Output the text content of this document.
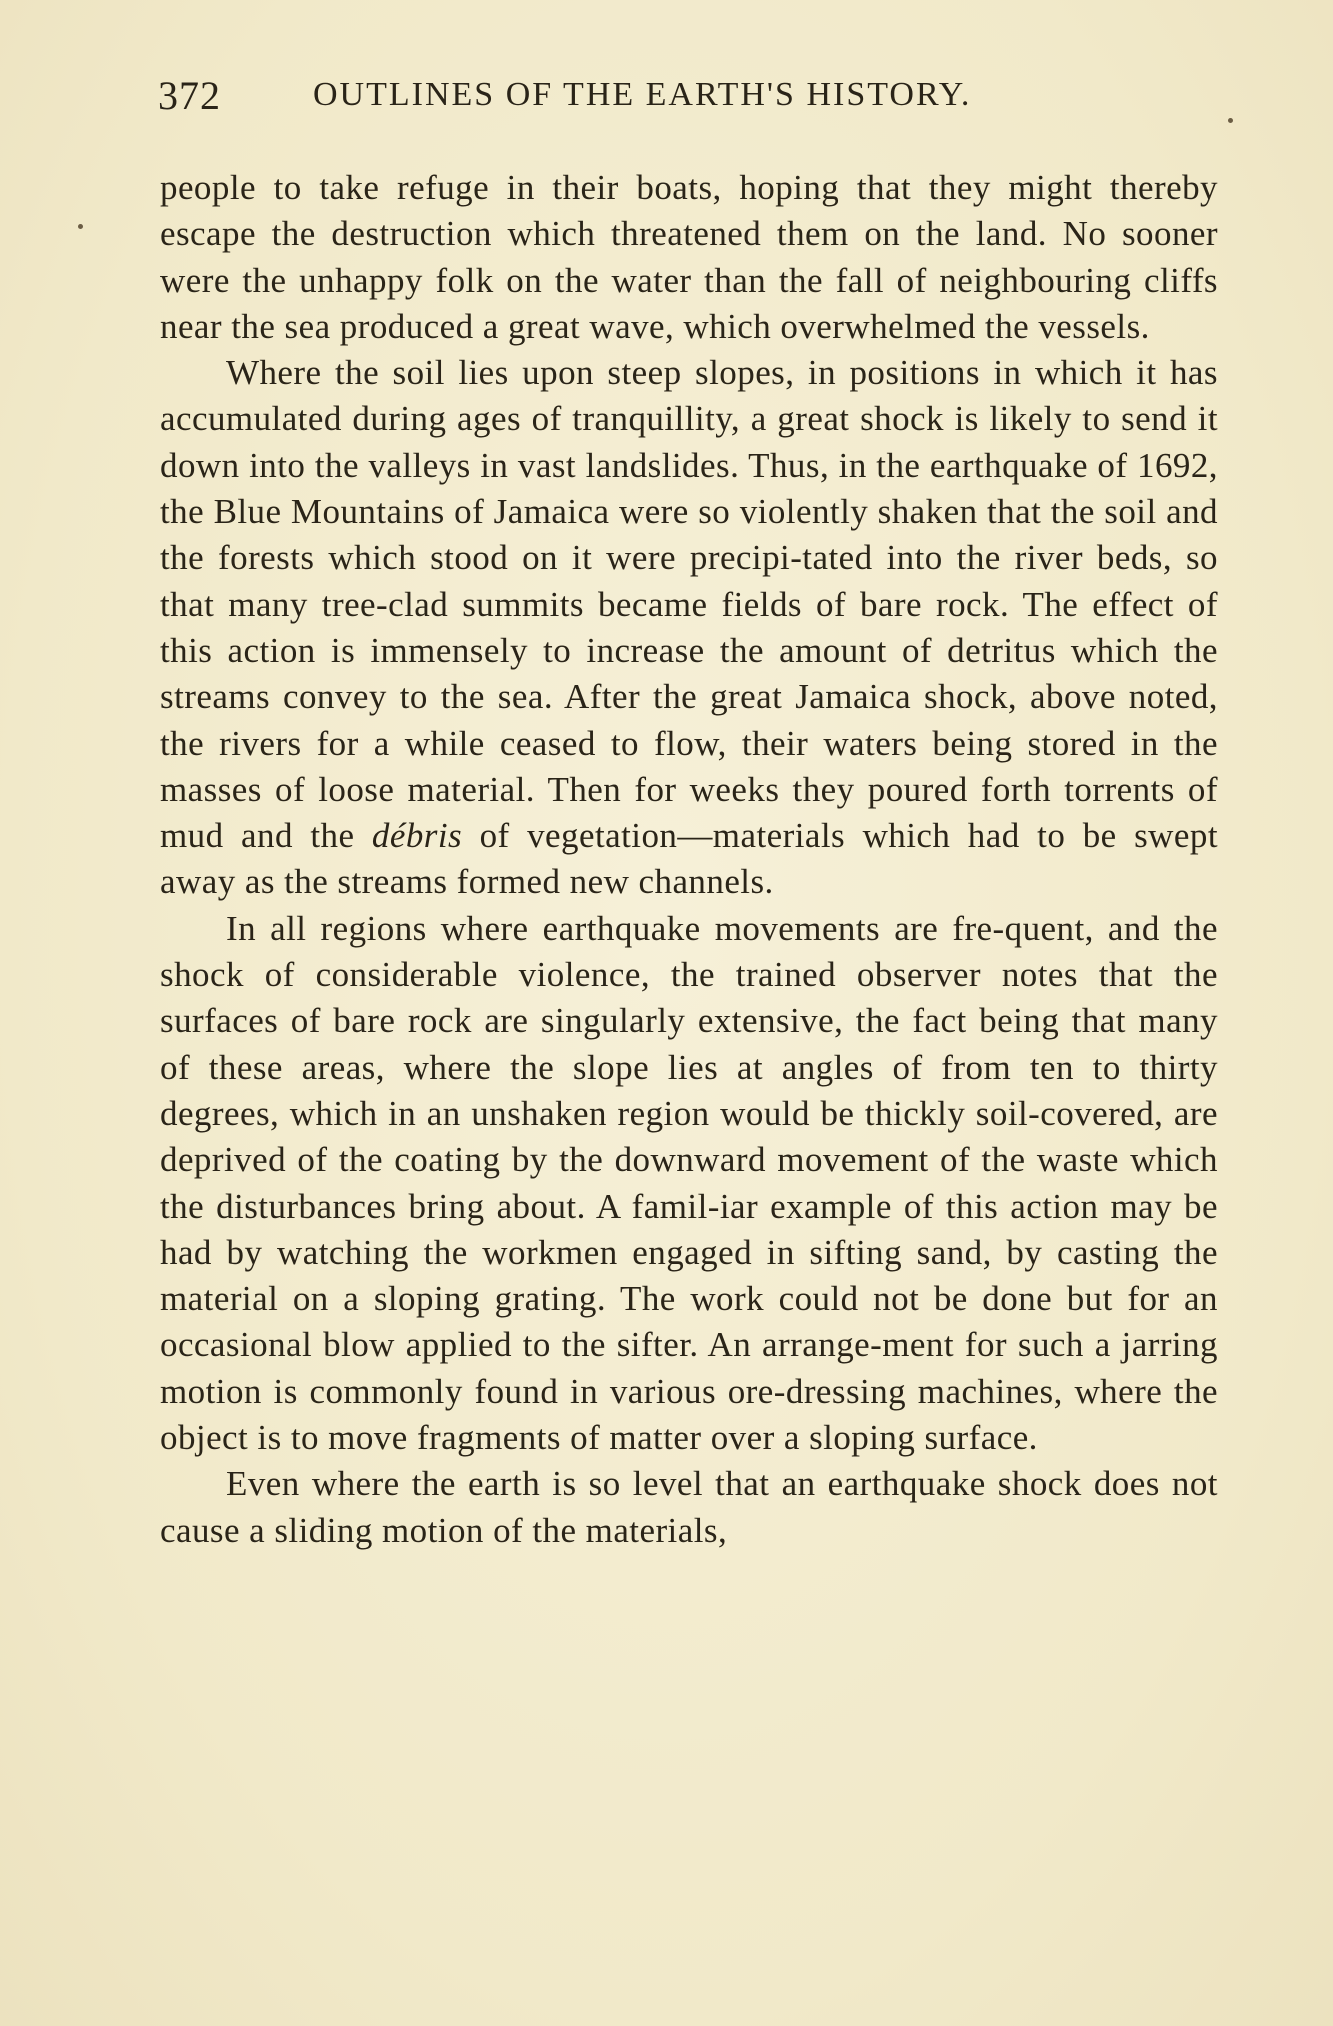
372	OUTLINES OF THE EARTH'S HISTORY.

people to take refuge in their boats, hoping that they might thereby escape the destruction which threatened them on the land. No sooner were the unhappy folk on the water than the fall of neighbouring cliffs near the sea produced a great wave, which overwhelmed the vessels.

Where the soil lies upon steep slopes, in positions in which it has accumulated during ages of tranquillity, a great shock is likely to send it down into the valleys in vast landslides. Thus, in the earthquake of 1692, the Blue Mountains of Jamaica were so violently shaken that the soil and the forests which stood on it were precipi-tated into the river beds, so that many tree-clad summits became fields of bare rock. The effect of this action is immensely to increase the amount of detritus which the streams convey to the sea. After the great Jamaica shock, above noted, the rivers for a while ceased to flow, their waters being stored in the masses of loose material. Then for weeks they poured forth torrents of mud and the débris of vegetation—materials which had to be swept away as the streams formed new channels.

In all regions where earthquake movements are fre-quent, and the shock of considerable violence, the trained observer notes that the surfaces of bare rock are singularly extensive, the fact being that many of these areas, where the slope lies at angles of from ten to thirty degrees, which in an unshaken region would be thickly soil-covered, are deprived of the coating by the downward movement of the waste which the disturbances bring about. A famil-iar example of this action may be had by watching the workmen engaged in sifting sand, by casting the material on a sloping grating. The work could not be done but for an occasional blow applied to the sifter. An arrange-ment for such a jarring motion is commonly found in various ore-dressing machines, where the object is to move fragments of matter over a sloping surface.

Even where the earth is so level that an earthquake shock does not cause a sliding motion of the materials,
